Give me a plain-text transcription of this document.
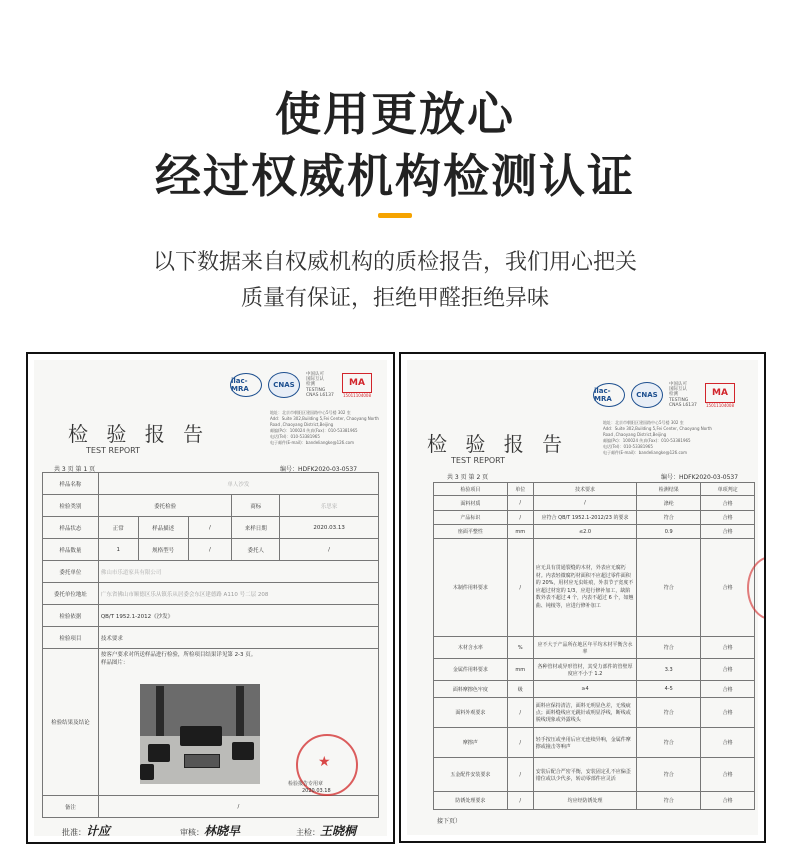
使用更放心
经过权威机构检测认证
以下数据来自权威机构的质检报告，我们用心把关
质量有保证，拒绝甲醛拒绝异味
ilac-MRA	CNAS
中国认可
国际互认
检测
TESTING
CNAS L6137
MA
15011104008
地址：北京市朝阳区建国路中心5号楼 302 室
Add：Suite 302,Building 5,Fei Center, Chaoyang North
Road ,Chaoyang District,Beijing
邮编(Pc)：100024 传真(Fax)：010-53381965
电话(Tel)：010-53381965
电子邮件(E-mail)：bandeliangke@126.com
检 验 报 告
TEST REPORT
共 3 页 第 1 页	编号：HDFK2020-03-0537
样品名称	单人沙发				
检验类别	委托检验			商标	乐思家
样品状态	正常	样品描述	/	来样日期	2020.03.13
样品数量	1	规格型号	/	委托人	/
委托单位	佛山市乐道家具有限公司				
委托单位地址	广东省佛山市顺德区乐从镇乐从居委会东区建德路 A110 号二层 208				
检验依据	QB/T 1952.1-2012《沙发》				
检验项目	技术要求				
检验结果及结论	按客户要求对所送样品进行检验，所检项目结果详见第 2-3 页。
样品图片：				

备注	/				
★
检验报告专用章
2020.03.18
批准：计应	审核：林晓早	主检：王晓桐
ilac-MRA	CNAS
中国认可
国际互认
检测
TESTING
CNAS L6137
MA
15011104008
地址：北京市朝阳区建国路中心5号楼 302 室
Add：Suite 302,Building 5,Fei Center, Chaoyang North
Road ,Chaoyang District,Beijing
邮编(Pc)：100024 传真(Fax)：010-53381965
电话(Tel)：010-53381965
电子邮件(E-mail)：bandeliangke@126.com
检 验 报 告
TEST REPORT
共 3 页 第 2 页	编号：HDFK2020-03-0537
检验项目	单位	技术要求	检测结果	单项判定
面料材质	/	/	涤纶	合格
产品标识	/	应符合 QB/T 1952.1-2012/23 的要求	符合	合格
座面平整性	mm	≤2.0	0.9	合格
木制件用料要求	/	应无具有贯通裂缝的木材，外表应无腐朽材。内表轻微腐朽材面积不应超过零件面积的 20%，用材应无虫蛀痕，外表节子宽度不应超过材宽的 1/3，应进行修补加工，缺陷数外表不超过 4 个，内表不超过 6 个，如翘曲、钝棱等，应进行修补加工	符合	合格
木材含水率	%	应不大于产品所在地区年平均木材平衡含水率	符合	合格
金属件用料要求	mm	各种管材或异形管材，其受力部件的管壁厚度应不小于 1.2	3.3	合格
面料摩擦色牢度	级	≥4	4-5	合格
面料外观要求	/	面料应保持清洁，面料无明显色差，无残疵点；面料缝线应无跳针或明显浮线，断线或脱线现象或外露线头	符合	合格
摩擦声	/	轻手按压或坐用后应无连续异响，金属件摩擦或撞击等响声	符合	合格
五金配件安装要求	/	安装后配合严密平衡，安装固定孔不应偏歪错位或以少代多，转动零部件应灵活	符合	合格
防锈处理要求	/	均应经防锈处理	符合	合格
接下页）
